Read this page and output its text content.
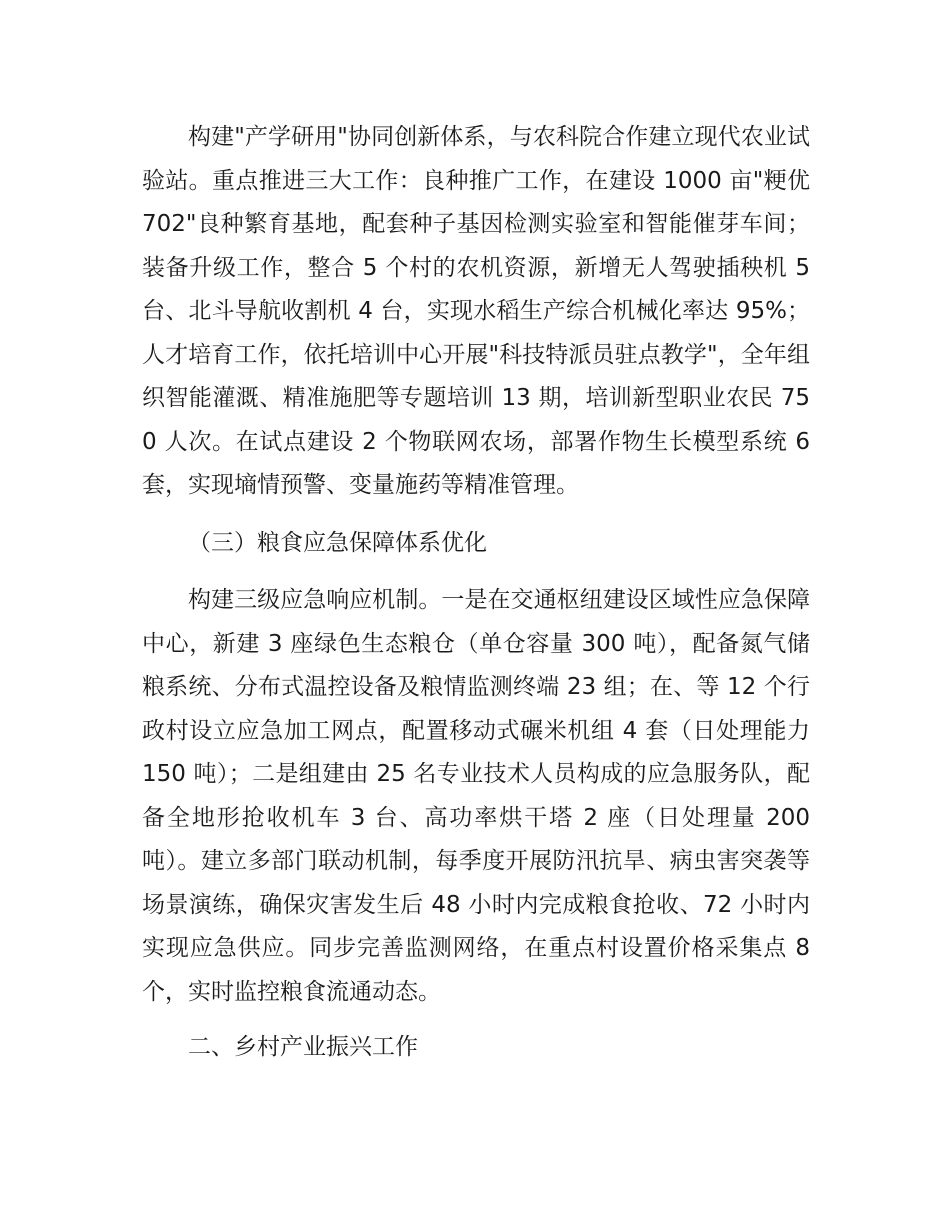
构建"产学研用"协同创新体系，与农科院合作建立现代农业试验站。重点推进三大工作：良种推广工作，在建设 1000 亩"粳优 702"良种繁育基地，配套种子基因检测实验室和智能催芽车间；装备升级工作，整合 5 个村的农机资源，新增无人驾驶插秧机 5 台、北斗导航收割机 4 台，实现水稻生产综合机械化率达 95%；人才培育工作，依托培训中心开展"科技特派员驻点教学"，全年组织智能灌溉、精准施肥等专题培训 13 期，培训新型职业农民 750 人次。在试点建设 2 个物联网农场，部署作物生长模型系统 6 套，实现墒情预警、变量施药等精准管理。

（三）粮食应急保障体系优化

构建三级应急响应机制。一是在交通枢纽建设区域性应急保障中心，新建 3 座绿色生态粮仓（单仓容量 300 吨），配备氮气储粮系统、分布式温控设备及粮情监测终端 23 组；在、等 12 个行政村设立应急加工网点，配置移动式碾米机组 4 套（日处理能力 150 吨）；二是组建由 25 名专业技术人员构成的应急服务队，配备全地形抢收机车 3 台、高功率烘干塔 2 座（日处理量 200 吨）。建立多部门联动机制，每季度开展防汛抗旱、病虫害突袭等场景演练，确保灾害发生后 48 小时内完成粮食抢收、72 小时内实现应急供应。同步完善监测网络，在重点村设置价格采集点 8 个，实时监控粮食流通动态。

二、乡村产业振兴工作
